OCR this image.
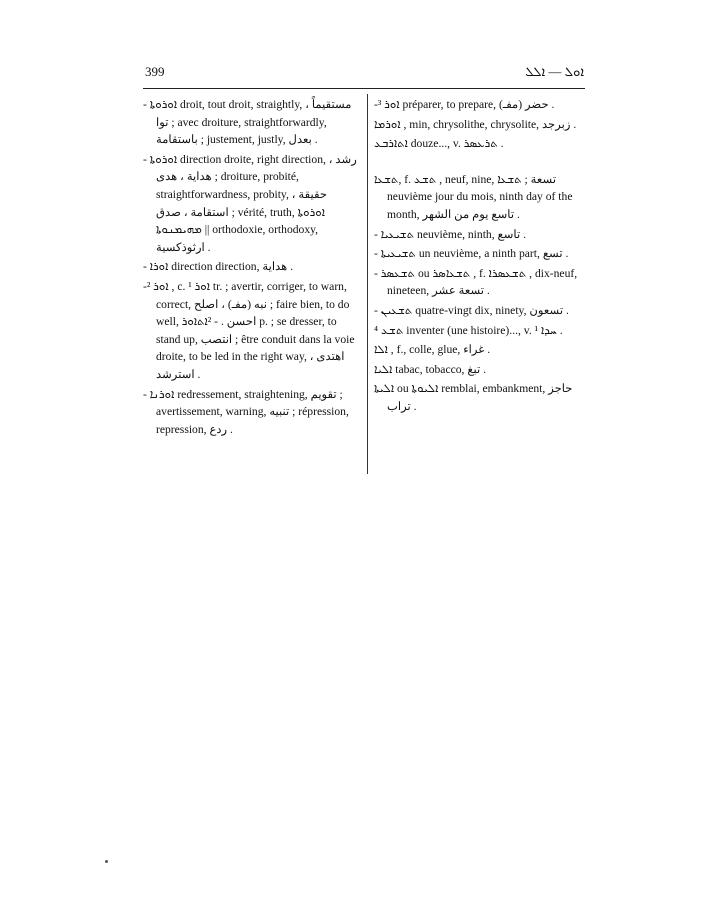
399	ܐܘܠ — ܐܠܠ

- ܐܘܪܘܬܐ droit, tout droit, straightly, مستقيماً ، توا ; avec droiture, straightforwardly, باستقامة ; justement, justly, بعدل .

- ܐܘܪܘܬܐ direction droite, right direction, رشد ، هداية ، هدى ; droiture, probité, straightforwardness, probity, حقيقة ، استقامة ، صدق ; vérité, truth, ܐܘܪܘܬܐ ܡܗܝܡܢܘܬܐ || orthodoxie, orthodoxy, ارثوذكسية .

- ܐܘܪܐ direction direction, هداية .

-² ܐܘܪ , c. ¹ ܐܘܪ tr. ; avertir, corriger, to warn, correct, نبه (مفـ) ، اصلح ; faire bien, to do well, احسن . - ²ܐܬܐܘܪ p. ; se dresser, to stand up, انتصب ; être conduit dans la voie droite, to be led in the right way, اهتدى ، استرشد .

- ܐܘܪܢܐ redressement, straightening, تقويم ; avertissement, warning, تنبيه ; répression, repression, ردع .

-³ ܐܘܪ préparer, to prepare, حضر (مفـ) .

ܐܘܪܡܐ , min, chrysolithe, chrysolite, زبرجد .

ܐܬܐܪܒܥ douze..., v. ܬܪܥܣܪ .

ܬܫܥܐ, f. ܬܫܥ , neuf, nine, تسعة ; ܬܫܥܐ neuvième jour du mois, ninth day of the month, تاسع يوم من الشهر .

- ܬܫܝܥܝܐ neuvième, ninth, تاسع .

- ܬܫܝܥܝܬܐ un neuvième, a ninth part, تسع .

- ܬܫܥܣܪ ou ܬܫܥܐܣܪ , f. ܬܫܥܣܪܐ , dix-neuf, nineteen, تسعة عشر .

- ܬܫܥܝܢ quatre-vingt dix, ninety, تسعون .

⁴ ܬܫܥ inventer (une histoire)..., v. ¹ ܚܕܐ .

ܐܠܐ , f., colle, glue, غراء .

ܐܠܝܐ tabac, tobacco, تبغ .

ܐܠܝܬܐ ou ܐܠܝܘܬܐ remblai, embankment, حاجز تراب .
